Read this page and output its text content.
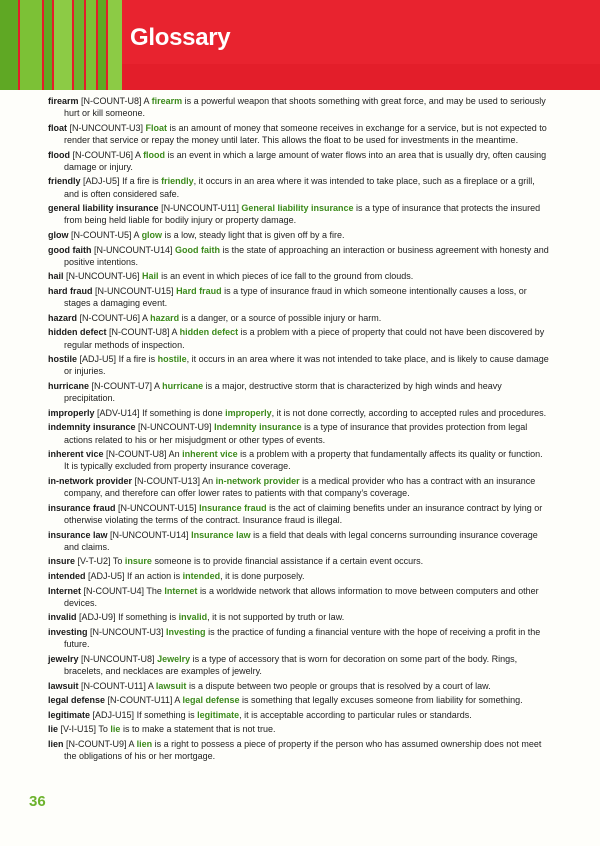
Glossary

firearm [N-COUNT-U8] A firearm is a powerful weapon that shoots something with great force, and may be used to seriously hurt or kill someone.

float [N-UNCOUNT-U3] Float is an amount of money that someone receives in exchange for a service, but is not expected to render that service or repay the money until later. This allows the float to be used for investments in the meantime.

flood [N-COUNT-U6] A flood is an event in which a large amount of water flows into an area that is usually dry, often causing damage or injury.

friendly [ADJ-U5] If a fire is friendly, it occurs in an area where it was intended to take place, such as a fireplace or a grill, and is often considered safe.

general liability insurance [N-UNCOUNT-U11] General liability insurance is a type of insurance that protects the insured from being held liable for bodily injury or property damage.

glow [N-COUNT-U5] A glow is a low, steady light that is given off by a fire.

good faith [N-UNCOUNT-U14] Good faith is the state of approaching an interaction or business agreement with honesty and positive intentions.

hail [N-UNCOUNT-U6] Hail is an event in which pieces of ice fall to the ground from clouds.

hard fraud [N-UNCOUNT-U15] Hard fraud is a type of insurance fraud in which someone intentionally causes a loss, or stages a damaging event.

hazard [N-COUNT-U6] A hazard is a danger, or a source of possible injury or harm.

hidden defect [N-COUNT-U8] A hidden defect is a problem with a piece of property that could not have been discovered by regular methods of inspection.

hostile [ADJ-U5] If a fire is hostile, it occurs in an area where it was not intended to take place, and is likely to cause damage or injuries.

hurricane [N-COUNT-U7] A hurricane is a major, destructive storm that is characterized by high winds and heavy precipitation.

improperly [ADV-U14] If something is done improperly, it is not done correctly, according to accepted rules and procedures.

indemnity insurance [N-UNCOUNT-U9] Indemnity insurance is a type of insurance that provides protection from legal actions related to his or her misjudgment or other types of events.

inherent vice [N-COUNT-U8] An inherent vice is a problem with a property that fundamentally affects its quality or function. It is typically excluded from property insurance coverage.

in-network provider [N-COUNT-U13] An in-network provider is a medical provider who has a contract with an insurance company, and therefore can offer lower rates to patients with that company’s coverage.

insurance fraud [N-UNCOUNT-U15] Insurance fraud is the act of claiming benefits under an insurance contract by lying or otherwise violating the terms of the contract. Insurance fraud is illegal.

insurance law [N-UNCOUNT-U14] Insurance law is a field that deals with legal concerns surrounding insurance coverage and claims.

insure [V-T-U2] To insure someone is to provide financial assistance if a certain event occurs.

intended [ADJ-U5] If an action is intended, it is done purposely.

Internet [N-COUNT-U4] The Internet is a worldwide network that allows information to move between computers and other devices.

invalid [ADJ-U9] If something is invalid, it is not supported by truth or law.

investing [N-UNCOUNT-U3] Investing is the practice of funding a financial venture with the hope of receiving a profit in the future.

jewelry [N-UNCOUNT-U8] Jewelry is a type of accessory that is worn for decoration on some part of the body. Rings, bracelets, and necklaces are examples of jewelry.

lawsuit [N-COUNT-U11] A lawsuit is a dispute between two people or groups that is resolved by a court of law.

legal defense [N-COUNT-U11] A legal defense is something that legally excuses someone from liability for something.

legitimate [ADJ-U15] If something is legitimate, it is acceptable according to particular rules or standards.

lie [V-I-U15] To lie is to make a statement that is not true.

lien [N-COUNT-U9] A lien is a right to possess a piece of property if the person who has assumed ownership does not meet the obligations of his or her mortgage.

36
